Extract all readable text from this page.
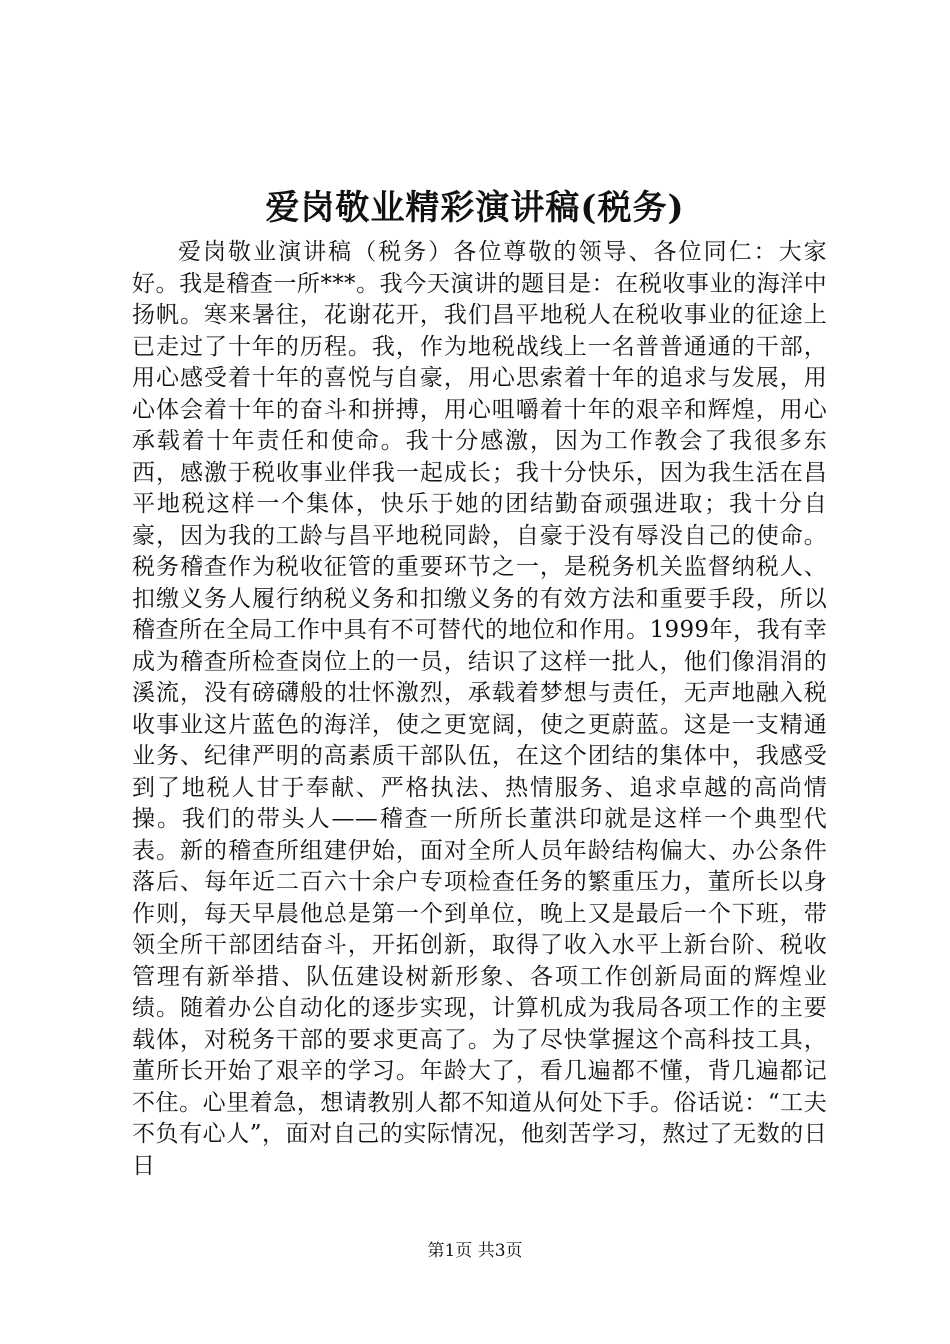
爱岗敬业精彩演讲稿(税务)

爱岗敬业演讲稿（税务）各位尊敬的领导、各位同仁：大家好。我是稽查一所***。我今天演讲的题目是：在税收事业的海洋中扬帆。寒来暑往，花谢花开，我们昌平地税人在税收事业的征途上已走过了十年的历程。我，作为地税战线上一名普普通通的干部，用心感受着十年的喜悦与自豪，用心思索着十年的追求与发展，用心体会着十年的奋斗和拼搏，用心咀嚼着十年的艰辛和辉煌，用心承载着十年责任和使命。我十分感激，因为工作教会了我很多东西，感激于税收事业伴我一起成长；我十分快乐，因为我生活在昌平地税这样一个集体，快乐于她的团结勤奋顽强进取；我十分自豪，因为我的工龄与昌平地税同龄，自豪于没有辱没自己的使命。税务稽查作为税收征管的重要环节之一，是税务机关监督纳税人、扣缴义务人履行纳税义务和扣缴义务的有效方法和重要手段，所以稽查所在全局工作中具有不可替代的地位和作用。1999年，我有幸成为稽查所检查岗位上的一员，结识了这样一批人，他们像涓涓的溪流，没有磅礴般的壮怀激烈，承载着梦想与责任，无声地融入税收事业这片蓝色的海洋，使之更宽阔，使之更蔚蓝。这是一支精通业务、纪律严明的高素质干部队伍，在这个团结的集体中，我感受到了地税人甘于奉献、严格执法、热情服务、追求卓越的高尚情操。我们的带头人——稽查一所所长董洪印就是这样一个典型代表。新的稽查所组建伊始，面对全所人员年龄结构偏大、办公条件落后、每年近二百六十余户专项检查任务的繁重压力，董所长以身作则，每天早晨他总是第一个到单位，晚上又是最后一个下班，带领全所干部团结奋斗，开拓创新，取得了收入水平上新台阶、税收管理有新举措、队伍建设树新形象、各项工作创新局面的辉煌业绩。随着办公自动化的逐步实现，计算机成为我局各项工作的主要载体，对税务干部的要求更高了。为了尽快掌握这个高科技工具，董所长开始了艰辛的学习。年龄大了，看几遍都不懂，背几遍都记不住。心里着急，想请教别人都不知道从何处下手。俗话说：“工夫不负有心人”，面对自己的实际情况，他刻苦学习，熬过了无数的日日

第1页 共3页
